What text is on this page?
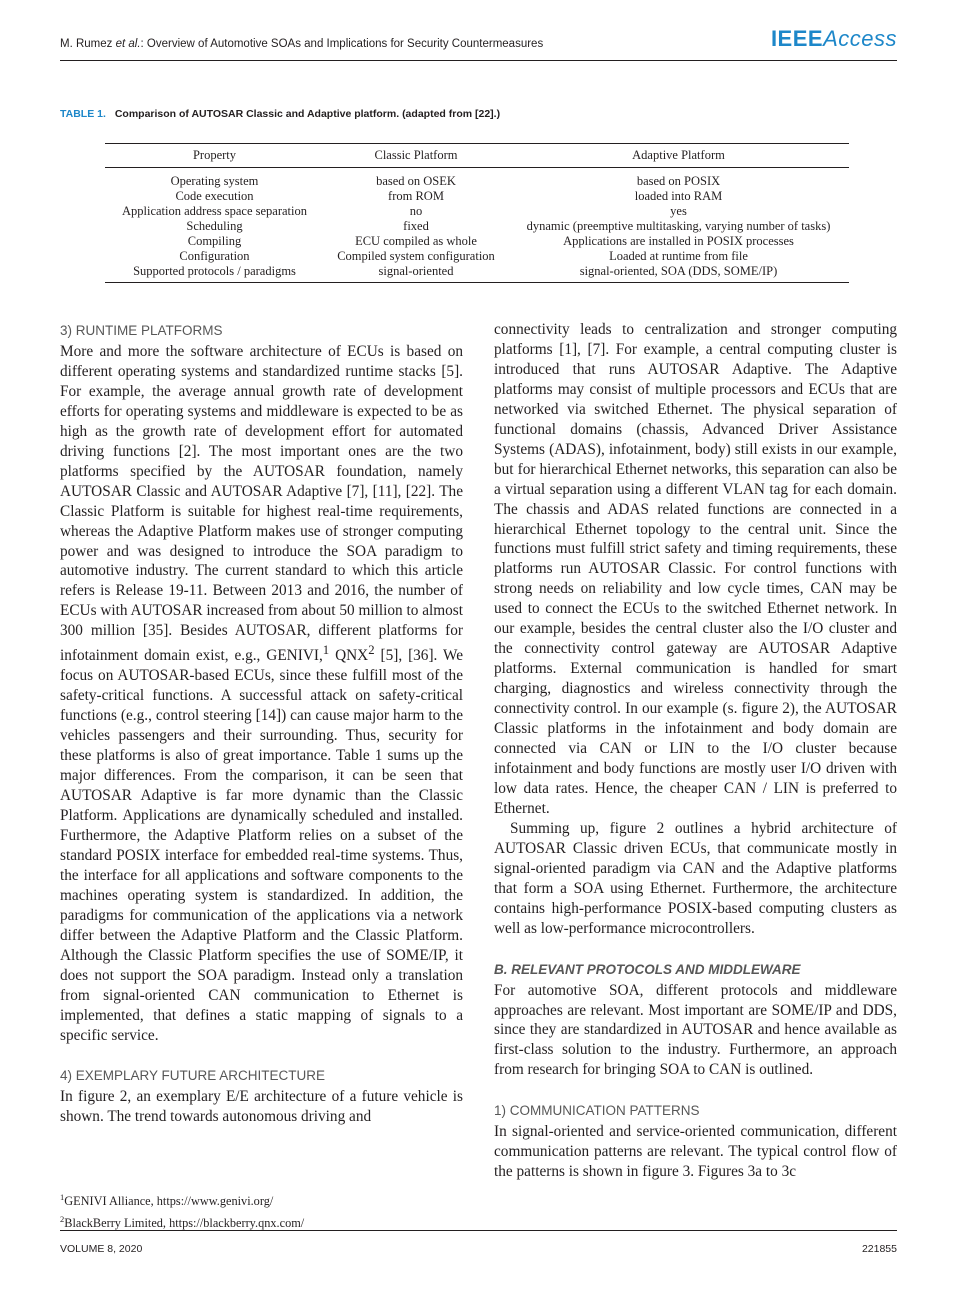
M. Rumez et al.: Overview of Automotive SOAs and Implications for Security Countermeasures	IEEEAccess
TABLE 1. Comparison of AUTOSAR Classic and Adaptive platform. (adapted from [22].)
Property	Classic Platform	Adaptive Platform
Operating system	based on OSEK	based on POSIX
Code execution	from ROM	loaded into RAM
Application address space separation	no	yes
Scheduling	fixed	dynamic (preemptive multitasking, varying number of tasks)
Compiling	ECU compiled as whole	Applications are installed in POSIX processes
Configuration	Compiled system configuration	Loaded at runtime from file
Supported protocols / paradigms	signal-oriented	signal-oriented, SOA (DDS, SOME/IP)
3) RUNTIME PLATFORMS

More and more the software architecture of ECUs is based on different operating systems and standardized runtime stacks [5]. For example, the average annual growth rate of development efforts for operating systems and middleware is expected to be as high as the growth rate of development effort for automated driving functions [2]. The most important ones are the two platforms specified by the AUTOSAR foundation, namely AUTOSAR Classic and AUTOSAR Adaptive [7], [11], [22]. The Classic Platform is suitable for highest real-time requirements, whereas the Adaptive Platform makes use of stronger computing power and was designed to introduce the SOA paradigm to automotive industry. The current standard to which this article refers is Release 19-11. Between 2013 and 2016, the number of ECUs with AUTOSAR increased from about 50 million to almost 300 million [35]. Besides AUTOSAR, different platforms for infotainment domain exist, e.g., GENIVI,$^1$ QNX$^2$ [5], [36]. We focus on AUTOSAR-based ECUs, since these fulfill most of the safety-critical functions. A successful attack on safety-critical functions (e.g., control steering [14]) can cause major harm to the vehicles passengers and their surrounding. Thus, security for these platforms is also of great importance. Table 1 sums up the major differences. From the comparison, it can be seen that AUTOSAR Adaptive is far more dynamic than the Classic Platform. Applications are dynamically scheduled and installed. Furthermore, the Adaptive Platform relies on a subset of the standard POSIX interface for embedded real-time systems. Thus, the interface for all applications and software components to the machines operating system is standardized. In addition, the paradigms for communication of the applications via a network differ between the Adaptive Platform and the Classic Platform. Although the Classic Platform specifies the use of SOME/IP, it does not support the SOA paradigm. Instead only a translation from signal-oriented CAN communication to Ethernet is implemented, that defines a static mapping of signals to a specific service.

4) EXEMPLARY FUTURE ARCHITECTURE

In figure 2, an exemplary E/E architecture of a future vehicle is shown. The trend towards autonomous driving and

$^1$GENIVI Alliance, https://www.genivi.org/
$^2$BlackBerry Limited, https://blackberry.qnx.com/

connectivity leads to centralization and stronger computing platforms [1], [7]. For example, a central computing cluster is introduced that runs AUTOSAR Adaptive. The Adaptive platforms may consist of multiple processors and ECUs that are networked via switched Ethernet. The physical separation of functional domains (chassis, Advanced Driver Assistance Systems (ADAS), infotainment, body) still exists in our example, but for hierarchical Ethernet networks, this separation can also be a virtual separation using a different VLAN tag for each domain. The chassis and ADAS related functions are connected in a hierarchical Ethernet topology to the central unit. Since the functions must fulfill strict safety and timing requirements, these platforms run AUTOSAR Classic. For control functions with strong needs on reliability and low cycle times, CAN may be used to connect the ECUs to the switched Ethernet network. In our example, besides the central cluster also the I/O cluster and the connectivity control gateway are AUTOSAR Adaptive platforms. External communication is handled for smart charging, diagnostics and wireless connectivity through the connectivity control. In our example (s. figure 2), the AUTOSAR Classic platforms in the infotainment and body domain are connected via CAN or LIN to the I/O cluster because infotainment and body functions are mostly user I/O driven with low data rates. Hence, the cheaper CAN / LIN is preferred to Ethernet.

Summing up, figure 2 outlines a hybrid architecture of AUTOSAR Classic driven ECUs, that communicate mostly in signal-oriented paradigm via CAN and the Adaptive platforms that form a SOA using Ethernet. Furthermore, the architecture contains high-performance POSIX-based computing clusters as well as low-performance microcontrollers.

B. RELEVANT PROTOCOLS AND MIDDLEWARE

For automotive SOA, different protocols and middleware approaches are relevant. Most important are SOME/IP and DDS, since they are standardized in AUTOSAR and hence available as first-class solution to the industry. Furthermore, an approach from research for bringing SOA to CAN is outlined.

1) COMMUNICATION PATTERNS

In signal-oriented and service-oriented communication, different communication patterns are relevant. The typical control flow of the patterns is shown in figure 3. Figures 3a to 3c

VOLUME 8, 2020	221855
